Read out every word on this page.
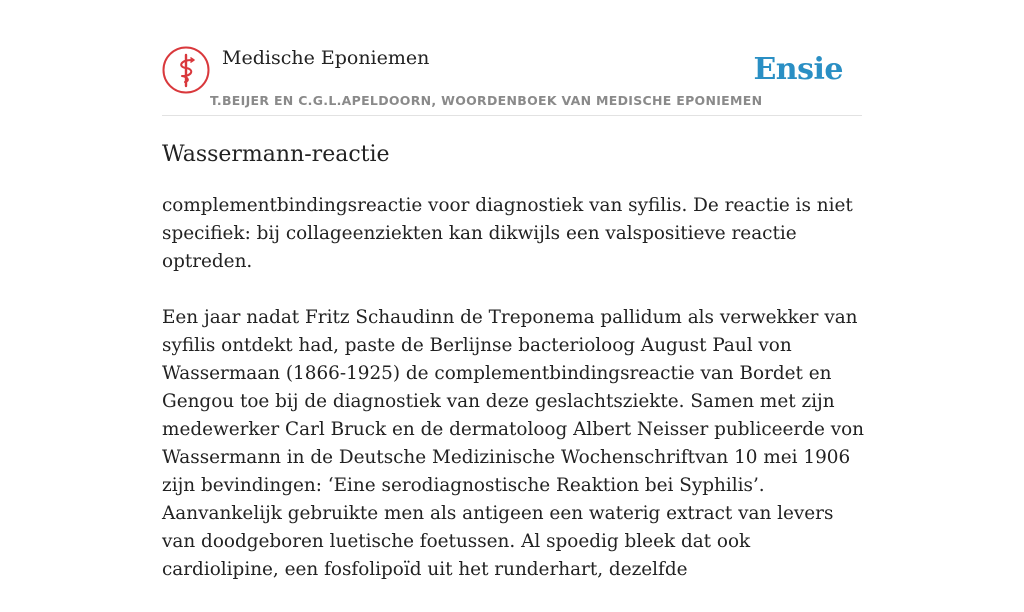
Medische Eponiemen
T.BEIJER EN C.G.L.APELDOORN, WOORDENBOEK VAN MEDISCHE EPONIEMEN
Ensie
Wassermann-reactie

complementbindingsreactie voor diagnostiek van syfilis. De reactie is niet specifiek: bij collageenziekten kan dikwijls een valspositieve reactie optreden.

Een jaar nadat Fritz Schaudinn de Treponema pallidum als verwekker van syfilis ontdekt had, paste de Berlijnse bacterioloog August Paul von Wassermaan (1866-1925) de complementbindingsreactie van Bordet en Gengou toe bij de diagnostiek van deze geslachtsziekte. Samen met zijn medewerker Carl Bruck en de dermatoloog Albert Neisser publiceerde von Wassermann in de Deutsche Medizinische Wochenschriftvan 10 mei 1906 zijn bevindingen: ‘Eine serodiagnostische Reaktion bei Syphilis’. Aanvankelijk gebruikte men als antigeen een waterig extract van levers van doodgeboren luetische foetussen. Al spoedig bleek dat ook cardiolipine, een fosfolipoïd uit het runderhart, dezelfde
